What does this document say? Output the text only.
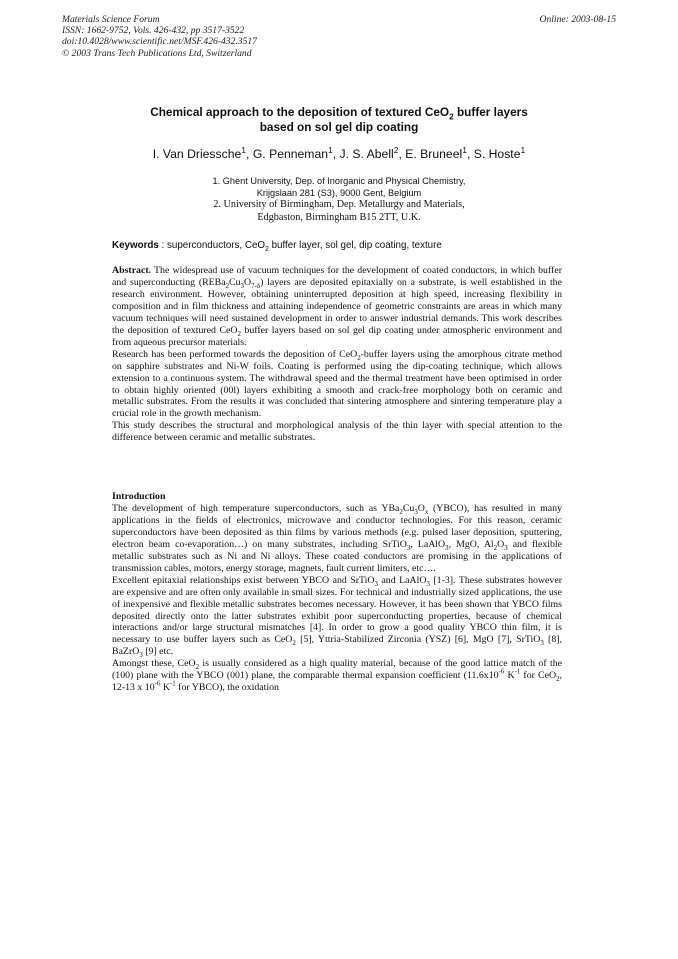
Materials Science Forum
ISSN: 1662-9752, Vols. 426-432, pp 3517-3522
doi:10.4028/www.scientific.net/MSF.426-432.3517
© 2003 Trans Tech Publications Ltd, Switzerland
Online: 2003-08-15
Chemical approach to the deposition of textured CeO$_2$ buffer layers
based on sol gel dip coating
I. Van Driessche$^1$, G. Penneman$^1$, J. S. Abell$^2$, E. Bruneel$^1$, S. Hoste$^1$
1. Ghent University, Dep. of Inorganic and Physical Chemistry,
Krijgslaan 281 (S3), 9000 Gent, Belgium
2. University of Birmingham, Dep. Metallurgy and Materials,
Edgbaston, Birmingham B15 2TT, U.K.
Keywords : superconductors, CeO$_2$ buffer layer, sol gel, dip coating, texture

Abstract. The widespread use of vacuum techniques for the development of coated conductors, in which buffer and superconducting $(REBa_2Cu_3O_{7-\delta})$ layers are deposited epitaxially on a substrate, is well established in the research environment. However, obtaining uninterrupted deposition at high speed, increasing flexibility in composition and in film thickness and attaining independence of geometric constraints are areas in which many vacuum techniques will need sustained development in order to answer industrial demands. This work describes the deposition of textured CeO$_2$ buffer layers based on sol gel dip coating under atmospheric environment and from aqueous precursor materials.

Research has been performed towards the deposition of CeO$_2$-buffer layers using the amorphous citrate method on sapphire substrates and Ni-W foils. Coating is performed using the dip-coating technique, which allows extension to a continuous system. The withdrawal speed and the thermal treatment have been optimised in order to obtain highly oriented (00l) layers exhibiting a smooth and crack-free morphology both on ceramic and metallic substrates. From the results it was concluded that sintering atmosphere and sintering temperature play a crucial role in the growth mechanism.

This study describes the structural and morphological analysis of the thin layer with special attention to the difference between ceramic and metallic substrates.

Introduction

The development of high temperature superconductors, such as $YBa_2Cu_3O_x$ (YBCO), has resulted in many applications in the fields of electronics, microwave and conductor technologies. For this reason, ceramic superconductors have been deposited as thin films by various methods (e.g. pulsed laser deposition, sputtering, electron beam co-evaporation…) on many substrates, including SrTiO$_3$, LaAlO$_3$, MgO, $Al_2O_3$ and flexible metallic substrates such as Ni and Ni alloys. These coated conductors are promising in the applications of transmission cables, motors, energy storage, magnets, fault current limiters, etc….

Excellent epitaxial relationships exist between YBCO and SrTiO$_3$ and LaAlO$_3$ [1-3]. These substrates however are expensive and are often only available in small sizes. For technical and industrially sized applications, the use of inexpensive and flexible metallic substrates becomes necessary. However, it has been shown that YBCO films deposited directly onto the latter substrates exhibit poor superconducting properties, because of chemical interactions and/or large structural mismatches [4]. In order to grow a good quality YBCO thin film, it is necessary to use buffer layers such as CeO$_2$ [5], Yttria-Stabilized Zirconia (YSZ) [6], MgO [7], SrTiO$_3$ [8], BaZrO$_3$ [9] etc.

Amongst these, CeO$_2$ is usually considered as a high quality material, because of the good lattice match of the (100) plane with the YBCO (001) plane, the comparable thermal expansion coefficient ($11.6x10^{-6}$ $K^{-1}$ for CeO$_2$, 12-13 x $10^{-6}$ $K^{-1}$ for YBCO), the oxidation
